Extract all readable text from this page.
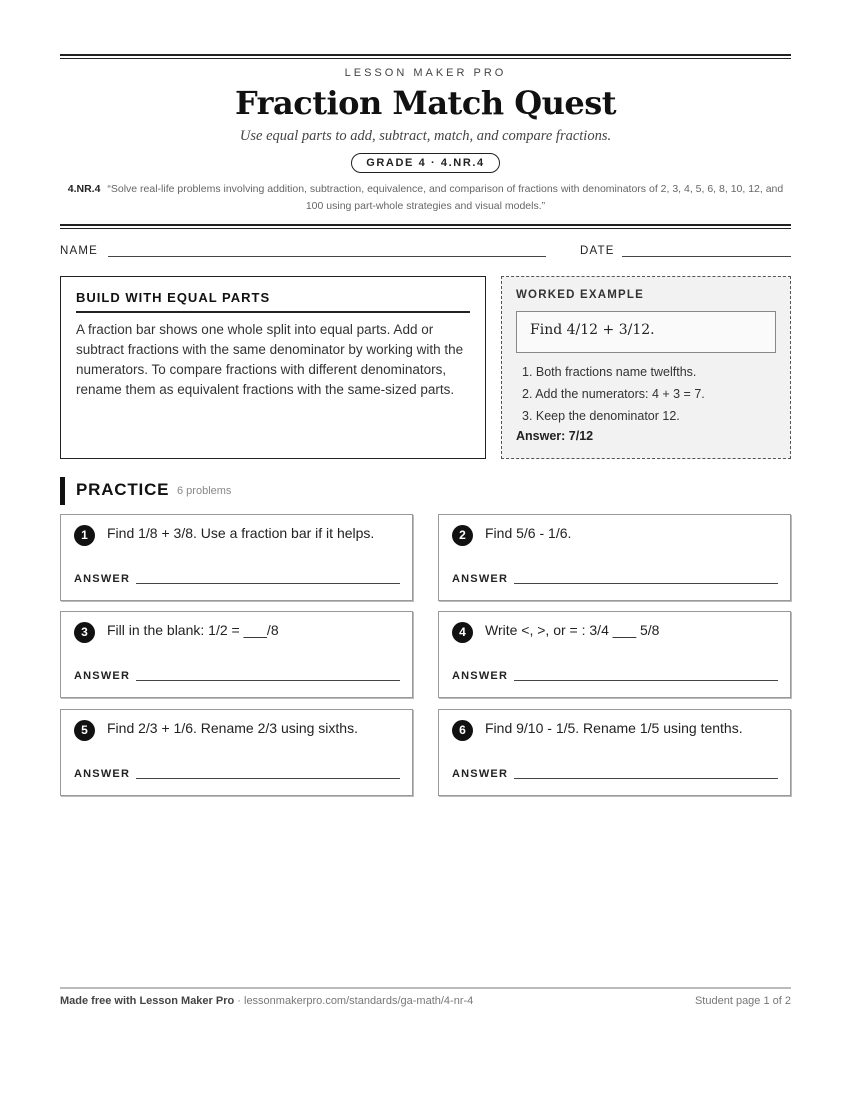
LESSON MAKER PRO
Fraction Match Quest
Use equal parts to add, subtract, match, and compare fractions.
GRADE 4 · 4.NR.4
4.NR.4 “Solve real-life problems involving addition, subtraction, equivalence, and comparison of fractions with denominators of 2, 3, 4, 5, 6, 8, 10, 12, and 100 using part-whole strategies and visual models.”
NAME	DATE
BUILD WITH EQUAL PARTS

A fraction bar shows one whole split into equal parts. Add or subtract fractions with the same denominator by working with the numerators. To compare fractions with different denominators, rename them as equivalent fractions with the same-sized parts.

WORKED EXAMPLE
Find 4/12 + 3/12.
1. Both fractions name twelfths.
2. Add the numerators: 4 + 3 = 7.
3. Keep the denominator 12.
Answer: 7/12
PRACTICE 6 problems
1	Find 1/8 + 3/8. Use a fraction bar if it helps.
ANSWER
2	Find 5/6 - 1/6.
ANSWER
3	Fill in the blank: 1/2 = ___/8
ANSWER
4	Write <, >, or = : 3/4 ___ 5/8
ANSWER
5	Find 2/3 + 1/6. Rename 2/3 using sixths.
ANSWER
6	Find 9/10 - 1/5. Rename 1/5 using tenths.
ANSWER
Made free with Lesson Maker Pro · lessonmakerpro.com/standards/ga-math/4-nr-4	Student page 1 of 2
